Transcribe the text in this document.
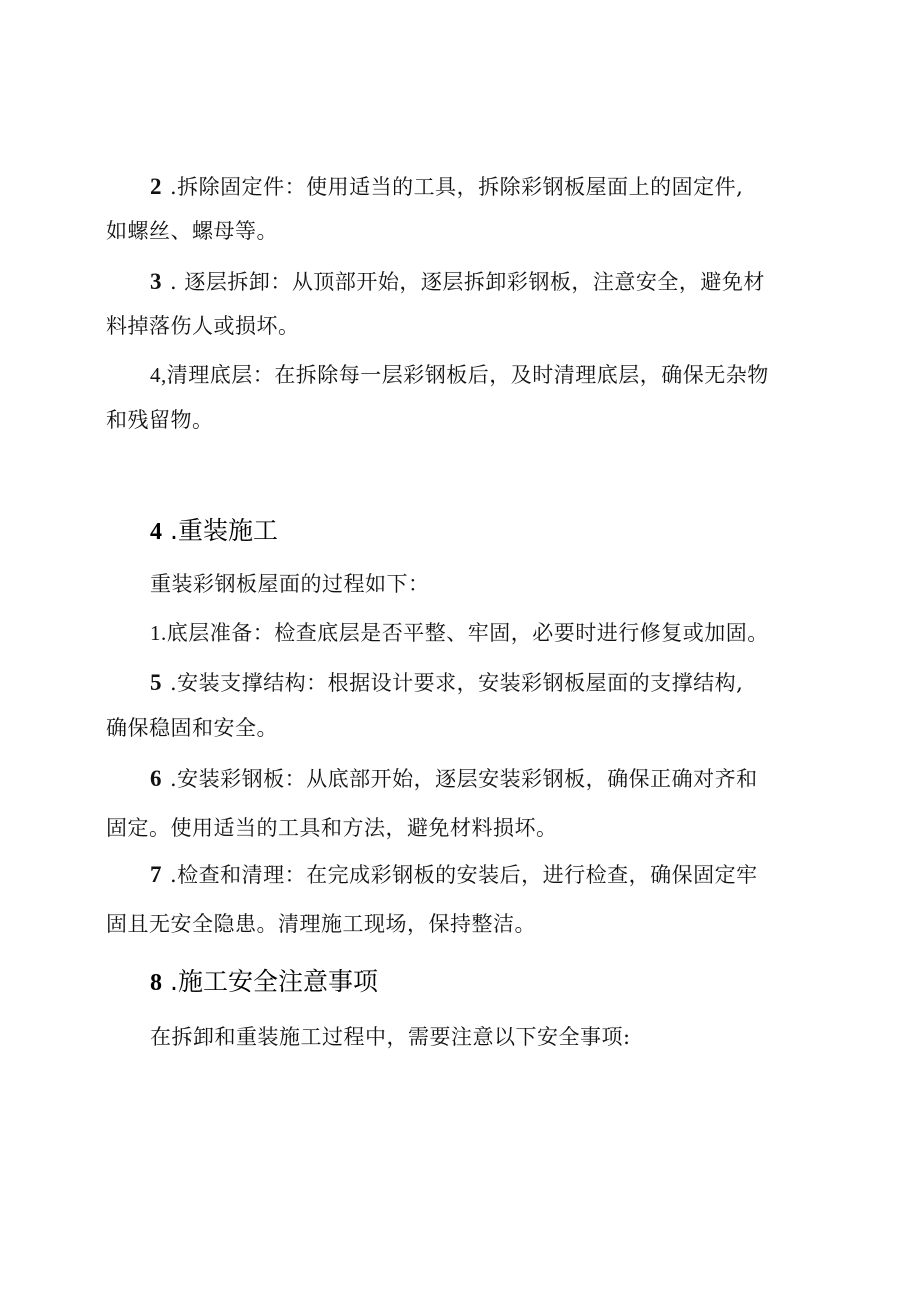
2 .拆除固定件：使用适当的工具，拆除彩钢板屋面上的固定件,
如螺丝、螺母等。
3 . 逐层拆卸：从顶部开始，逐层拆卸彩钢板，注意安全，避免材
料掉落伤人或损坏。
4,清理底层：在拆除每一层彩钢板后，及时清理底层，确保无杂物
和残留物。
4 .重装施工
重装彩钢板屋面的过程如下：
1.底层准备：检查底层是否平整、牢固，必要时进行修复或加固。
5 .安装支撑结构：根据设计要求，安装彩钢板屋面的支撑结构,
确保稳固和安全。
6 .安装彩钢板：从底部开始，逐层安装彩钢板，确保正确对齐和
固定。使用适当的工具和方法，避免材料损坏。
7 .检查和清理：在完成彩钢板的安装后，进行检查，确保固定牢
固且无安全隐患。清理施工现场，保持整洁。
8 .施工安全注意事项
在拆卸和重装施工过程中，需要注意以下安全事项:
